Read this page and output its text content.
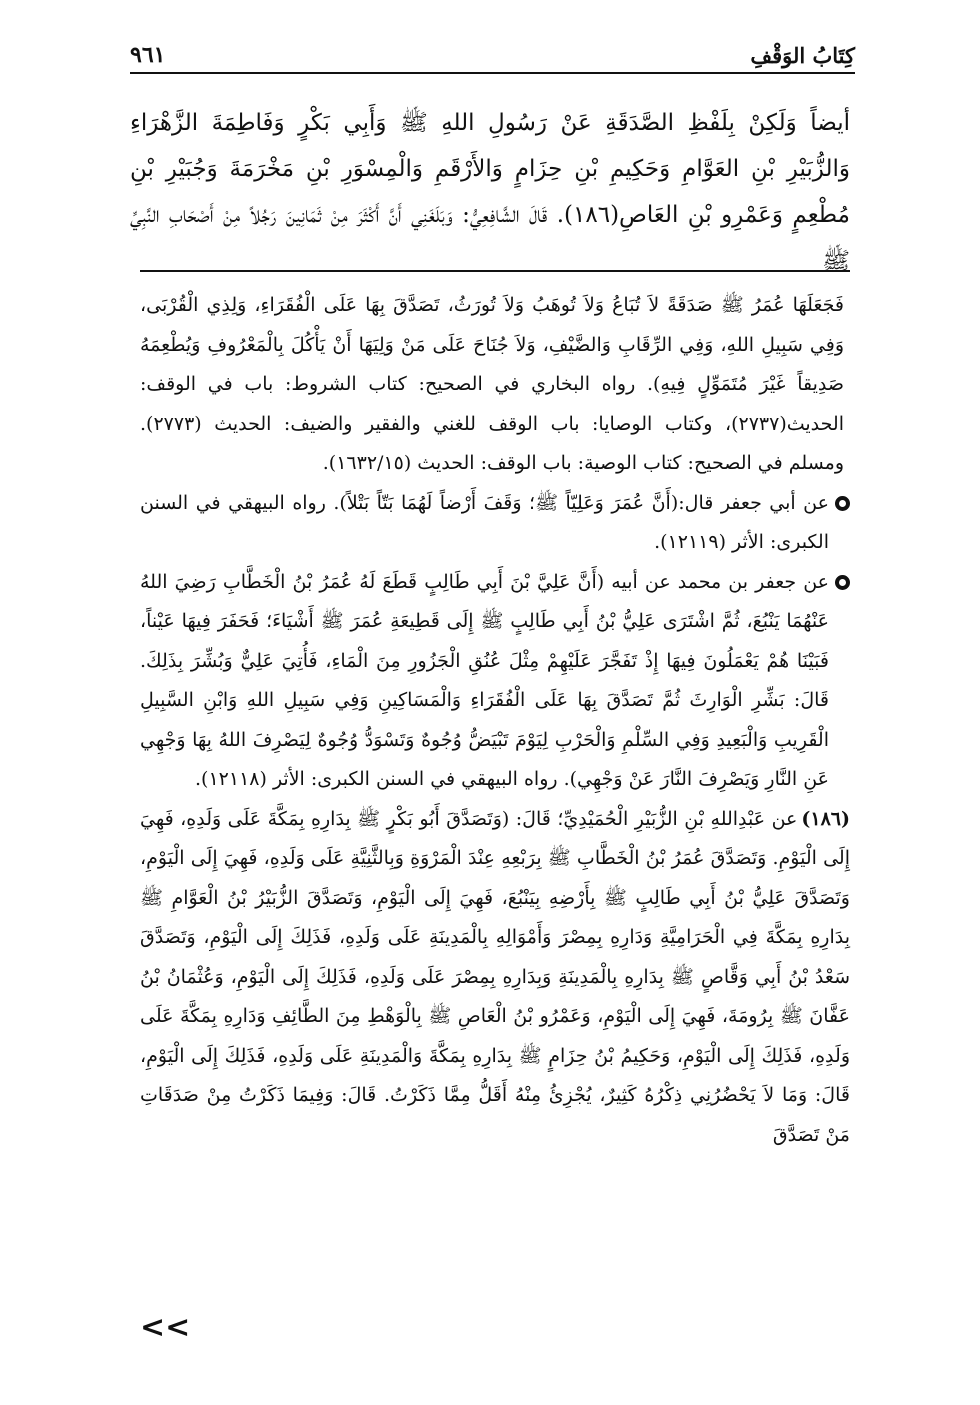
كِتَابُ الوَقْفِ
٩٦١

أيضاً وَلَكِنْ بِلَفْظِ الصَّدَقَةِ عَنْ رَسُولِ اللهِ ﷺ وَأَبِي بَكْرٍ وَفَاطِمَةَ الزَّهْرَاءِ وَالزُّبَيْرِ بْنِ العَوَّامِ وَحَكِيمِ بْنِ حِزَامٍ وَالأَرْقَمِ وَالْمِسْوَرِ بْنِ مَخْرَمَةَ وَجُبَيْرِ بْنِ مُطْعِمٍ وَعَمْرِو بْنِ العَاصِ(١٨٦). قَالَ الشَّافِعِيُّ: وَبَلَغَنِي أَنَّ أَكْثَرَ مِنْ ثَمَانِينَ رَجُلاً مِنْ أَصْحَابِ النَّبِيِّ ﷺ

فَجَعَلَهَا عُمَرُ ﷺ صَدَقَةً لاَ تُبَاعُ وَلاَ تُوهَبُ وَلاَ تُورَثُ، تَصَدَّقَ بِهَا عَلَى الْفُقَرَاءِ، وَلِذِي الْقُرْبَى، وَفِي سَبِيلِ اللهِ، وَفِي الرِّقَابِ وَالضَّيْفِ، وَلاَ جُنَاحَ عَلَى مَنْ وَلِيَهَا أَنْ يَأْكُلَ بِالْمَعْرُوفِ وَيُطْعِمَهُ صَدِيقاً غَيْرَ مُتَمَوِّلٍ فِيهِ). رواه البخاري في الصحيح: كتاب الشروط: باب في الوقف: الحديث(٢٧٣٧)، وكتاب الوصايا: باب الوقف للغني والفقير والضيف: الحديث (٢٧٧٣). ومسلم في الصحيح: كتاب الوصية: باب الوقف: الحديث (١٦٣٢/١٥).

عن أبي جعفر قال:(أَنَّ عُمَرَ وَعَلِيّاً ﷺ؛ وَقَفَ أَرْضاً لَهُمَا بَتّاً بَتْلاً). رواه البيهقي في السنن الكبرى: الأثر (١٢١١٩).
عن جعفر بن محمد عن أبيه (أَنَّ عَلِيَّ بْنَ أَبِي طَالِبٍ قَطَعَ لَهُ عُمَرُ بْنُ الْخَطَّابِ رَضِيَ اللهُ عَنْهُمَا يَنْبُعَ، ثُمَّ اشْتَرَى عَلِيُّ بْنُ أَبِي طَالِبٍ ﷺ إِلَى قَطِيعَةِ عُمَرَ ﷺ أَشْيَاءَ؛ فَحَفَرَ فِيهَا عَيْناً، فَبَيْنَا هُمْ يَعْمَلُونَ فِيهَا إِذْ تَفَجَّرَ عَلَيْهِمْ مِثْلَ عُنُقِ الْجَزُورِ مِنَ الْمَاءِ، فَأُتِيَ عَلِيٌّ وَبُشِّرَ بِذَلِكَ. قَالَ: بَشِّرِ الْوَارِثَ ثُمَّ تَصَدَّقَ بِهَا عَلَى الْفُقَرَاءِ وَالْمَسَاكِينِ وَفِي سَبِيلِ اللهِ وَابْنِ السَّبِيلِ الْقَرِيبِ وَالْبَعِيدِ وَفِي السِّلْمِ وَالْحَرْبِ لِيَوْمَ تَبْيَضُّ وُجُوهٌ وَتَسْوَدُّ وُجُوهٌ لِيَصْرِفَ اللهُ بِهَا وَجْهِي عَنِ النَّارِ وَيَصْرِفَ النَّارَ عَنْ وَجْهِي). رواه البيهقي في السنن الكبرى: الأثر (١٢١١٨).

(١٨٦)عن عَبْدِاللهِ بْنِ الزُّبَيْرِ الْحُمَيْدِيِّ؛ قَالَ: (وَتَصَدَّقَ أَبُو بَكْرٍ ﷺ بِدَارِهِ بِمَكَّةَ عَلَى وَلَدِهِ، فَهِيَ إِلَى الْيَوْمِ. وَتَصَدَّقَ عُمَرُ بْنُ الْخَطَّابِ ﷺ بِرَبْعِهِ عِنْدَ الْمَرْوَةِ وَبِالثَّنِيَّةِ عَلَى وَلَدِهِ، فَهِيَ إِلَى الْيَوْمِ، وَتَصَدَّقَ عَلِيُّ بْنُ أَبِي طَالِبٍ ﷺ بِأَرْضِهِ بِيَنْبُعَ، فَهِيَ إِلَى الْيَوْمِ، وَتَصَدَّقَ الزُّبَيْرُ بْنُ الْعَوَّامِ ﷺ بِدَارِهِ بِمَكَّةَ فِي الْحَرَامِيَّةِ وَدَارِهِ بِمِصْرَ وَأَمْوَالِهِ بِالْمَدِينَةِ عَلَى وَلَدِهِ، فَذَلِكَ إِلَى الْيَوْمِ، وَتَصَدَّقَ سَعْدُ بْنُ أَبِي وَقَّاصٍ ﷺ بِدَارِهِ بِالْمَدِينَةِ وَبِدَارِهِ بِمِصْرَ عَلَى وَلَدِهِ، فَذَلِكَ إِلَى الْيَوْمِ، وَعُثْمَانُ بْنُ عَفَّانَ ﷺ بِرُومَةَ، فَهِيَ إِلَى الْيَوْمِ، وَعَمْرُو بْنُ الْعَاصِ ﷺ بِالْوَهْطِ مِنَ الطَّائِفِ وَدَارِهِ بِمَكَّةَ عَلَى وَلَدِهِ، فَذَلِكَ إِلَى الْيَوْمِ، وَحَكِيمُ بْنُ حِزَامٍ ﷺ بِدَارِهِ بِمَكَّةَ وَالْمَدِينَةِ عَلَى وَلَدِهِ، فَذَلِكَ إِلَى الْيَوْمِ، قَالَ: وَمَا لاَ يَحْضُرُنِي ذِكْرُهُ كَثِيرٌ، يُجْزِئُ مِنْهُ أَقَلُّ مِمَّا ذَكَرْتُ. قَالَ: وَفِيمَا ذَكَرْتُ مِنْ صَدَقَاتِ مَنْ تَصَدَّقَ

<<
